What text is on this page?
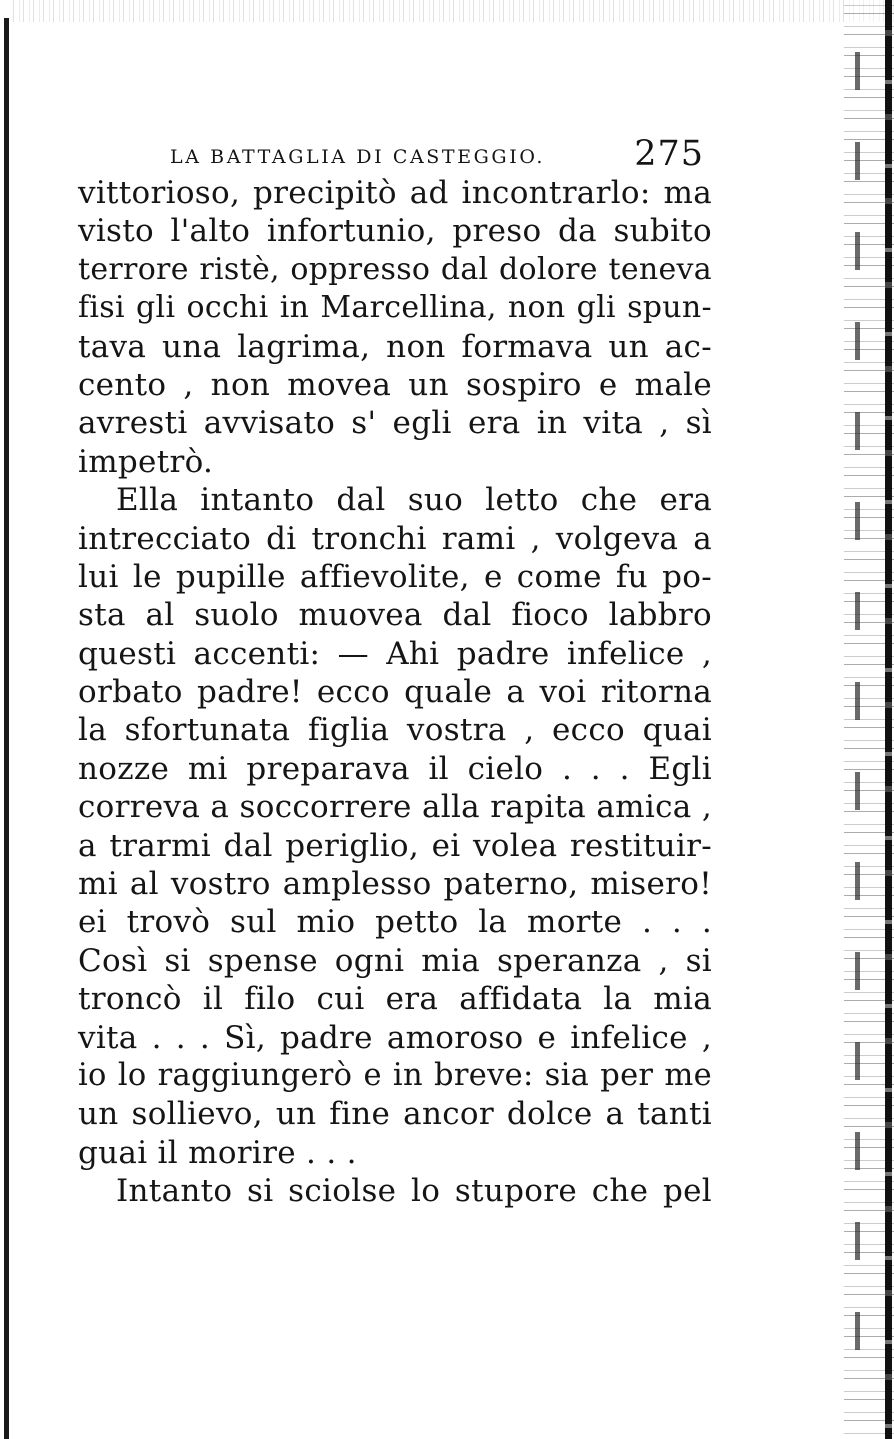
LA BATTAGLIA DI CASTEGGIO.	275
vittorioso, precipitò ad incontrarlo: ma
visto l'alto infortunio, preso da subito
terrore ristè, oppresso dal dolore teneva
fisi gli occhi in Marcellina, non gli spun-
tava una lagrima, non formava un ac-
cento , non movea un sospiro e male
avresti avvisato s' egli era in vita , sì
impetrò.
Ella intanto dal suo letto che era
intrecciato di tronchi rami , volgeva a
lui le pupille affievolite, e come fu po-
sta al suolo muovea dal fioco labbro
questi accenti: — Ahi padre infelice ,
orbato padre! ecco quale a voi ritorna
la sfortunata figlia vostra , ecco quai
nozze mi preparava il cielo . . . Egli
correva a soccorrere alla rapita amica ,
a trarmi dal periglio, ei volea restituir-
mi al vostro amplesso paterno, misero!
ei trovò sul mio petto la morte . . .
Così si spense ogni mia speranza , si
troncò il filo cui era affidata la mia
vita . . . Sì, padre amoroso e infelice ,
io lo raggiungerò e in breve: sia per me
un sollievo, un fine ancor dolce a tanti
guai il morire . . .
Intanto si sciolse lo stupore che pel
